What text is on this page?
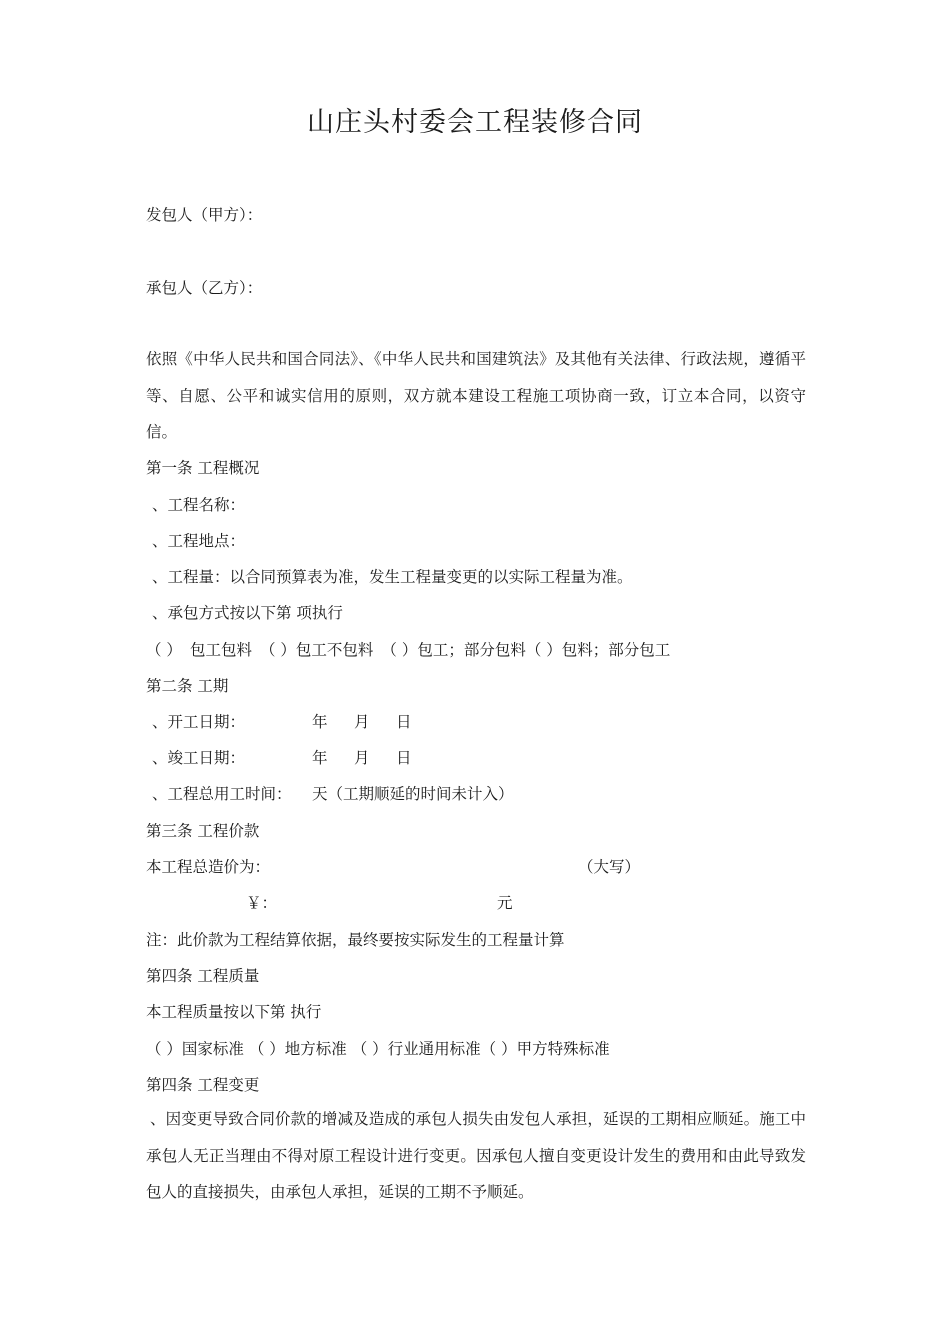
山庄头村委会工程装修合同
发包人（甲方）：
承包人（乙方）：
依照《中华人民共和国合同法》、《中华人民共和国建筑法》及其他有关法律、行政法规，遵循平等、自愿、公平和诚实信用的原则，双方就本建设工程施工项协商一致，订立本合同，以资守信。
第一条 工程概况
、工程名称：
、工程地点：
、工程量：以合同预算表为准，发生工程量变更的以实际工程量为准。
、承包方式按以下第 项执行
（ ） 包工包料 （ ）包工不包料 （ ）包工；部分包料（ ）包料；部分包工
第二条 工期
、开工日期：	年 月 日
、竣工日期：	年 月 日
、工程总用工时间： 天（工期顺延的时间未计入）
第三条 工程价款
本工程总造价为：	（大写）
￥：	元
注：此价款为工程结算依据，最终要按实际发生的工程量计算
第四条 工程质量
本工程质量按以下第 执行
（ ）国家标准 （ ）地方标准 （ ）行业通用标准（ ）甲方特殊标准
第四条 工程变更
、因变更导致合同价款的增减及造成的承包人损失由发包人承担，延误的工期相应顺延。施工中承包人无正当理由不得对原工程设计进行变更。因承包人擅自变更设计发生的费用和由此导致发包人的直接损失，由承包人承担，延误的工期不予顺延。
